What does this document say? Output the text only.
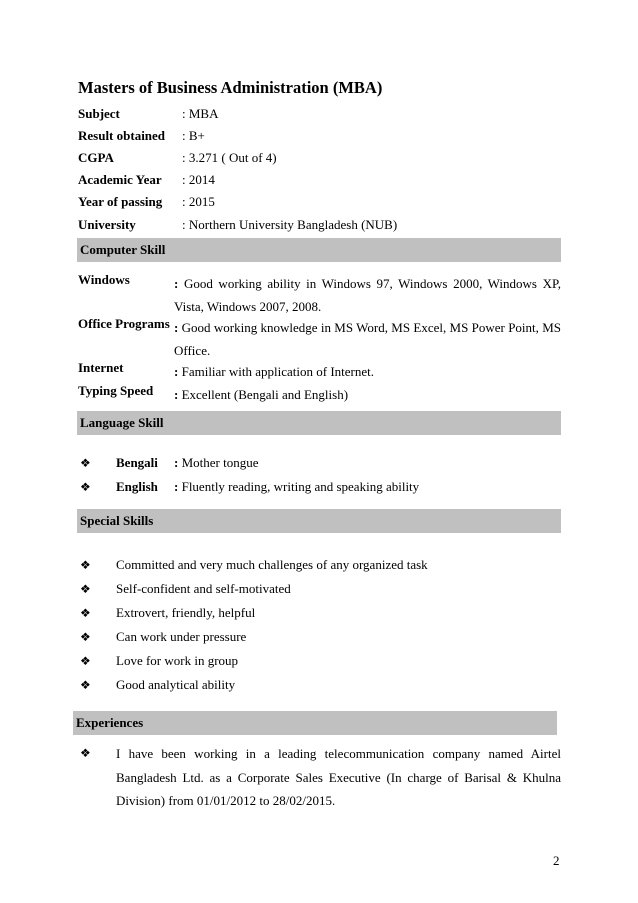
Masters of Business Administration (MBA)
Subject	: MBA
Result obtained : B+
CGPA	: 3.271 ( Out of 4)
Academic Year : 2014
Year of passing : 2015
University	: Northern University Bangladesh (NUB)
Computer Skill
Windows	: Good working ability in Windows 97, Windows 2000, Windows XP, Vista, Windows 2007, 2008.
Office Programs : Good working knowledge in MS Word, MS Excel, MS Power Point, MS Office.
Internet	: Familiar with application of Internet.
Typing Speed : Excellent (Bengali and English)
Language Skill
❖ Bengali : Mother tongue
❖ English : Fluently reading, writing and speaking ability
Special Skills
❖ Committed and very much challenges of any organized task
❖ Self-confident and self-motivated
❖ Extrovert, friendly, helpful
❖ Can work under pressure
❖ Love for work in group
❖ Good analytical ability
Experiences
❖ I have been working in a leading telecommunication company named Airtel Bangladesh Ltd. as a Corporate Sales Executive (In charge of Barisal & Khulna Division) from 01/01/2012 to 28/02/2015.
2
